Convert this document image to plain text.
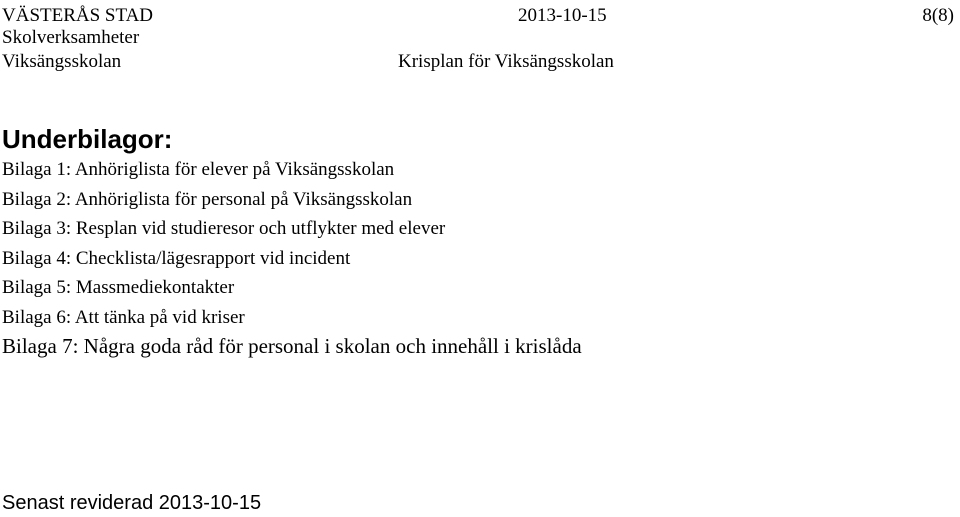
VÄSTERÅS STAD	2013-10-15	8(8)
Skolverksamheter
Viksängsskolan	Krisplan för Viksängsskolan
Underbilagor:
Bilaga 1: Anhöriglista för elever på Viksängsskolan
Bilaga 2: Anhöriglista för personal på Viksängsskolan
Bilaga 3: Resplan vid studieresor och utflykter med elever
Bilaga 4: Checklista/lägesrapport vid incident
Bilaga 5: Massmediekontakter
Bilaga 6: Att tänka på vid kriser
Bilaga 7: Några goda råd för personal i skolan och innehåll i krislåda
Senast reviderad 2013-10-15
